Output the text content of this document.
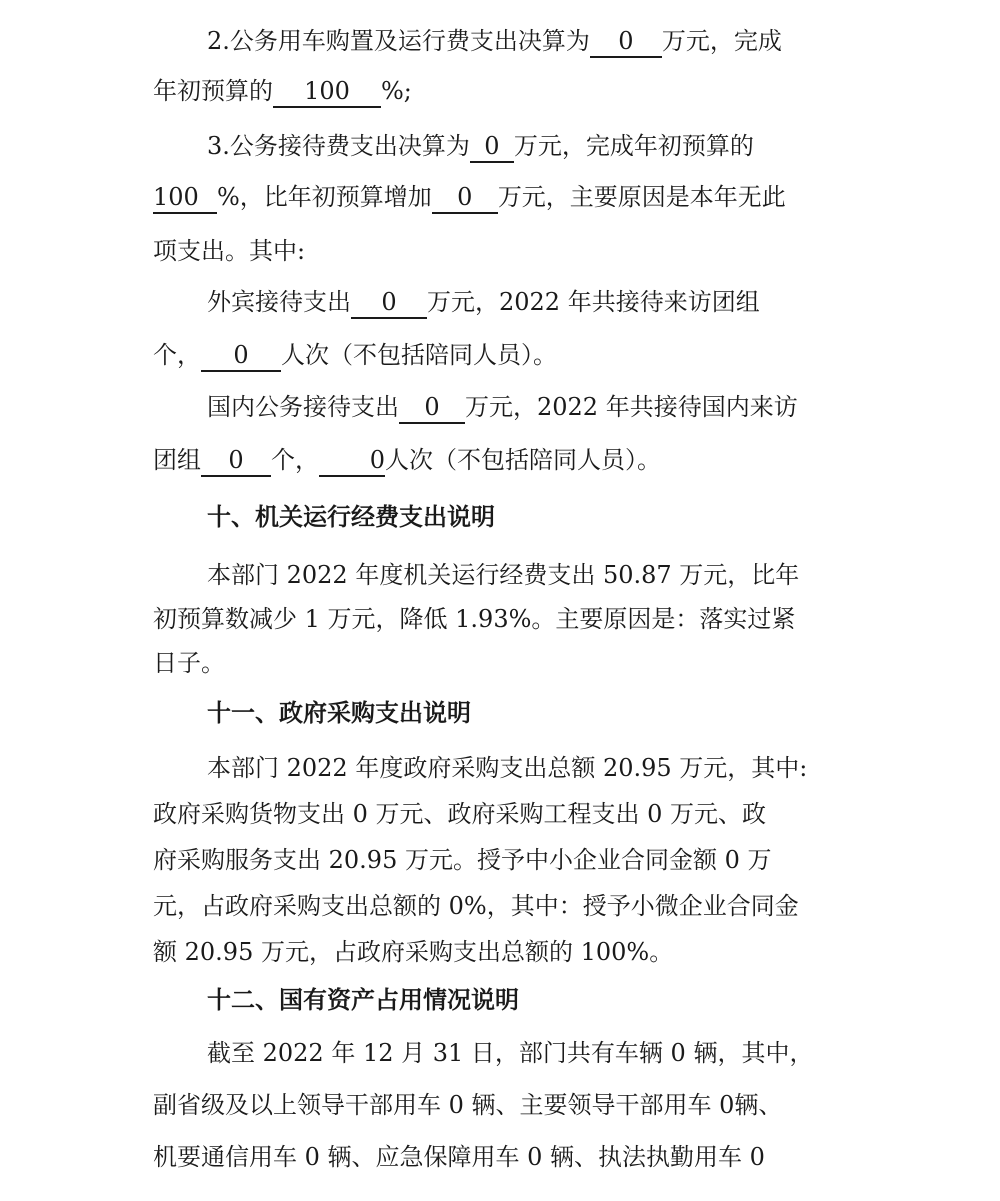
2.公务用车购置及运行费支出决算为 0 万元，完成
年初预算的 100 %;
3.公务接待费支出决算为 0 万元，完成年初预算的
100 %，比年初预算增加 0 万元，主要原因是本年无此
项支出。其中:
外宾接待支出 0 万元，2022 年共接待来访团组
个， 0 人次（不包括陪同人员）。
国内公务接待支出 0 万元，2022 年共接待国内来访
团组 0 个， 0人次（不包括陪同人员）。
十、机关运行经费支出说明
本部门 2022 年度机关运行经费支出 50.87 万元，比年
初预算数减少 1 万元，降低 1.93%。主要原因是：落实过紧
日子。
十一、政府采购支出说明
本部门 2022 年度政府采购支出总额 20.95 万元，其中:
政府采购货物支出 0 万元、政府采购工程支出 0 万元、政
府采购服务支出 20.95 万元。授予中小企业合同金额 0 万
元，占政府采购支出总额的 0%，其中：授予小微企业合同金
额 20.95 万元，占政府采购支出总额的 100%。
十二、国有资产占用情况说明
截至 2022 年 12 月 31 日，部门共有车辆 0 辆，其中，
副省级及以上领导干部用车 0 辆、主要领导干部用车 0辆、
机要通信用车 0 辆、应急保障用车 0 辆、执法执勤用车 0
